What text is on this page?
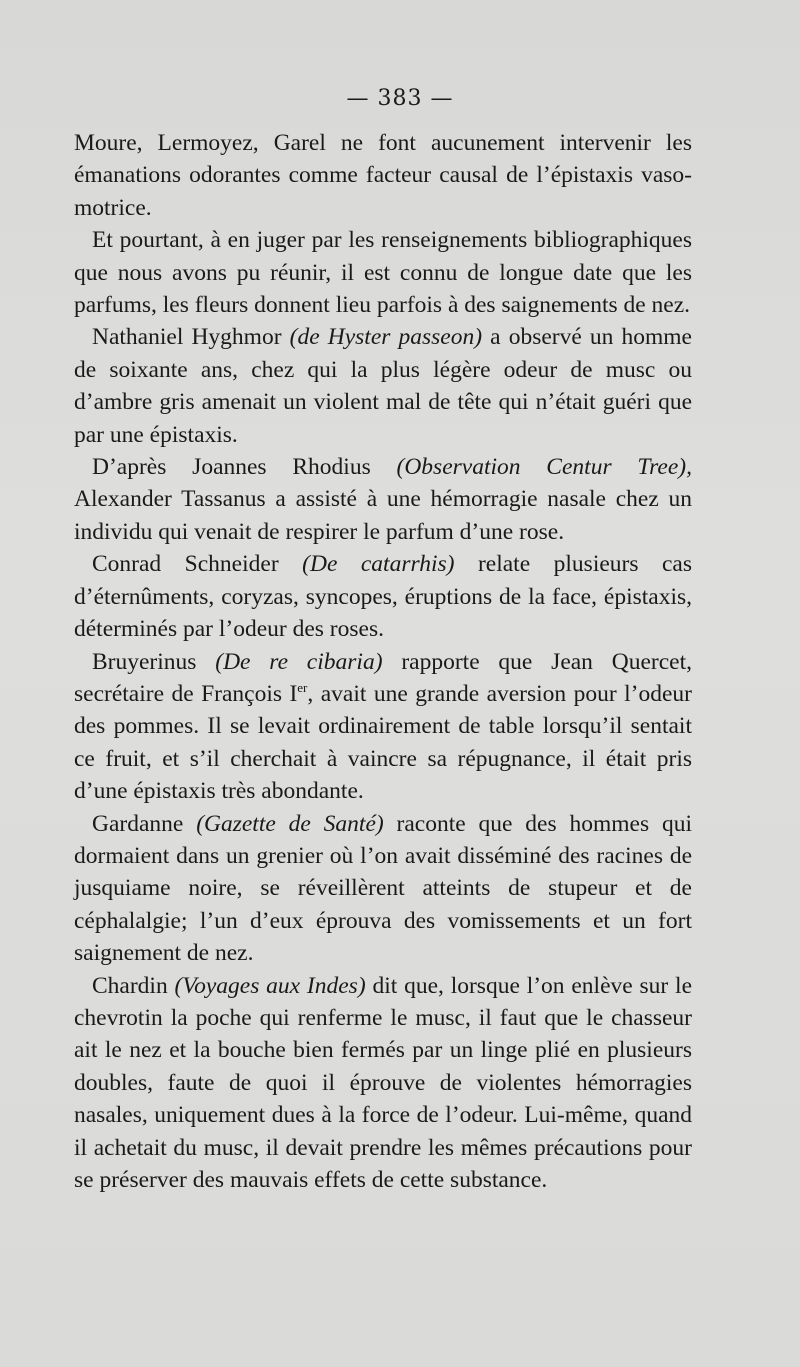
— 383 —

Moure, Lermoyez, Garel ne font aucunement intervenir les émanations odorantes comme facteur causal de l’épistaxis vaso-motrice.

Et pourtant, à en juger par les renseignements bibliographiques que nous avons pu réunir, il est connu de longue date que les parfums, les fleurs donnent lieu parfois à des saignements de nez.

Nathaniel Hyghmor (de Hyster passeon) a observé un homme de soixante ans, chez qui la plus légère odeur de musc ou d’ambre gris amenait un violent mal de tête qui n’était guéri que par une épistaxis.

D’après Joannes Rhodius (Observation Centur Tree), Alexander Tassanus a assisté à une hémorragie nasale chez un individu qui venait de respirer le parfum d’une rose.

Conrad Schneider (De catarrhis) relate plusieurs cas d’éternûments, coryzas, syncopes, éruptions de la face, épistaxis, déterminés par l’odeur des roses.

Bruyerinus (De re cibaria) rapporte que Jean Quercet, secrétaire de François Ier, avait une grande aversion pour l’odeur des pommes. Il se levait ordinairement de table lorsqu’il sentait ce fruit, et s’il cherchait à vaincre sa répugnance, il était pris d’une épistaxis très abondante.

Gardanne (Gazette de Santé) raconte que des hommes qui dormaient dans un grenier où l’on avait disséminé des racines de jusquiame noire, se réveillèrent atteints de stupeur et de céphalalgie; l’un d’eux éprouva des vomissements et un fort saignement de nez.

Chardin (Voyages aux Indes) dit que, lorsque l’on enlève sur le chevrotin la poche qui renferme le musc, il faut que le chasseur ait le nez et la bouche bien fermés par un linge plié en plusieurs doubles, faute de quoi il éprouve de violentes hémorragies nasales, uniquement dues à la force de l’odeur. Lui-même, quand il achetait du musc, il devait prendre les mêmes précautions pour se préserver des mauvais effets de cette substance.
